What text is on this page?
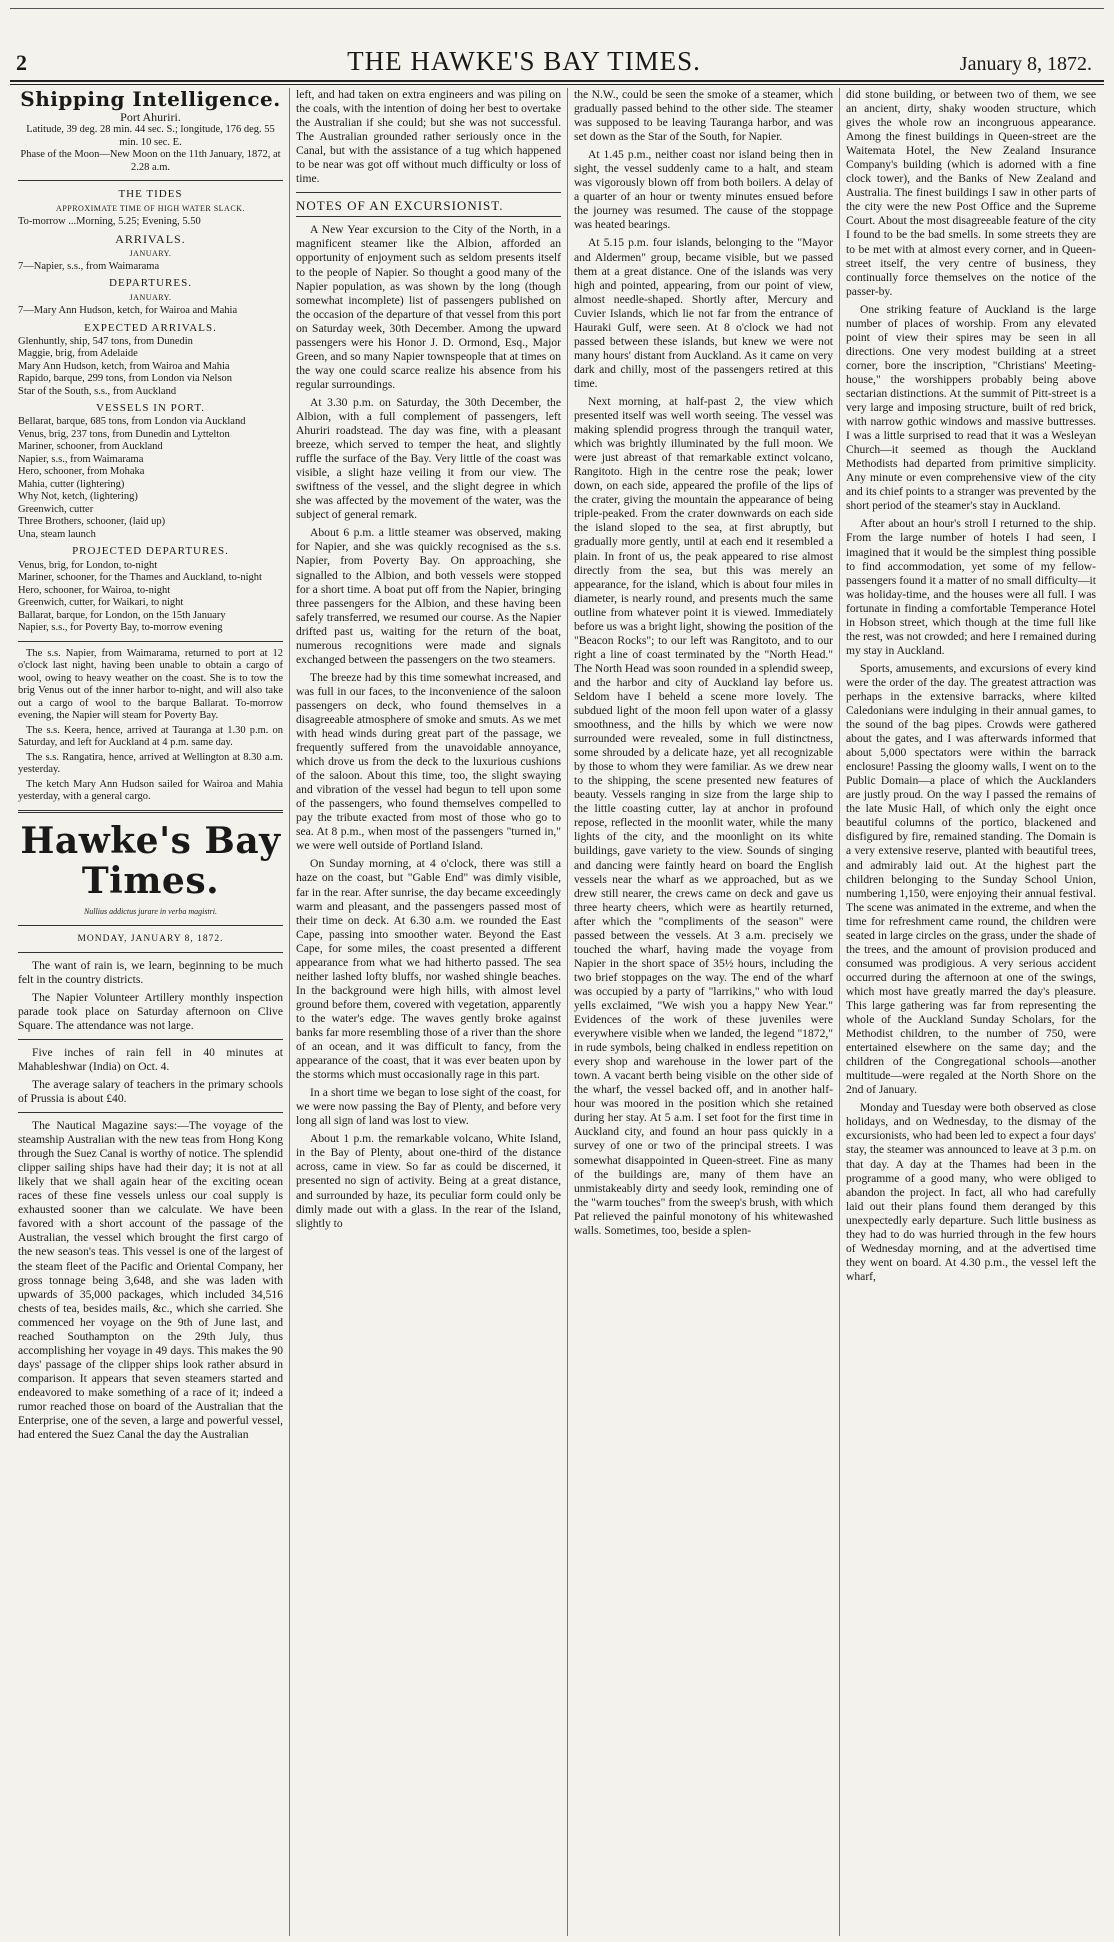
2	THE HAWKE'S BAY TIMES.	January 8, 1872.
Shipping Intelligence.
Port Ahuriri.
Latitude, 39 deg. 28 min. 44 sec. S.; longitude, 176 deg. 55 min. 10 sec. E.
Phase of the Moon—New Moon on the 11th January, 1872, at 2.28 a.m.
THE TIDES
APPROXIMATE TIME OF HIGH WATER SLACK.
To-morrow ...Morning, 5.25; Evening, 5.50
ARRIVALS.
JANUARY.
7—Napier, s.s., from Waimarama
DEPARTURES.
JANUARY.
7—Mary Ann Hudson, ketch, for Wairoa and Mahia
EXPECTED ARRIVALS.
Glenhuntly, ship, 547 tons, from Dunedin
Maggie, brig, from Adelaide
Mary Ann Hudson, ketch, from Wairoa and Mahia
Rapido, barque, 299 tons, from London via Nelson
Star of the South, s.s., from Auckland
VESSELS IN PORT.
Bellarat, barque, 685 tons, from London via Auckland
Venus, brig, 237 tons, from Dunedin and Lyttelton
Mariner, schooner, from Auckland
Napier, s.s., from Waimarama
Hero, schooner, from Mohaka
Mahia, cutter (lightering)
Why Not, ketch, (lightering)
Greenwich, cutter
Three Brothers, schooner, (laid up)
Una, steam launch
PROJECTED DEPARTURES.
Venus, brig, for London, to-night
Mariner, schooner, for the Thames and Auckland, to-night
Hero, schooner, for Wairoa, to-night
Greenwich, cutter, for Waikari, to night
Ballarat, barque, for London, on the 15th January
Napier, s.s., for Poverty Bay, to-morrow evening
The s.s. Napier, from Waimarama, returned to port at 12 o'clock last night, having been unable to obtain a cargo of wool, owing to heavy weather on the coast. She is to tow the brig Venus out of the inner harbor to-night, and will also take out a cargo of wool to the barque Ballarat. To-morrow evening, the Napier will steam for Poverty Bay.
The s.s. Keera, hence, arrived at Tauranga at 1.30 p.m. on Saturday, and left for Auckland at 4 p.m. same day.
The s.s. Rangatira, hence, arrived at Wellington at 8.30 a.m. yesterday.
The ketch Mary Ann Hudson sailed for Wairoa and Mahia yesterday, with a general cargo.
Hawke's Bay Times.
Nullius addictus jurare in verba magistri.
MONDAY, JANUARY 8, 1872.

The want of rain is, we learn, beginning to be much felt in the country districts.

The Napier Volunteer Artillery monthly inspection parade took place on Saturday afternoon on Clive Square. The attendance was not large.

Five inches of rain fell in 40 minutes at Mahableshwar (India) on Oct. 4.

The average salary of teachers in the primary schools of Prussia is about £40.

The Nautical Magazine says:—The voyage of the steamship Australian with the new teas from Hong Kong through the Suez Canal is worthy of notice. The splendid clipper sailing ships have had their day; it is not at all likely that we shall again hear of the exciting ocean races of these fine vessels unless our coal supply is exhausted sooner than we calculate. We have been favored with a short account of the passage of the Australian, the vessel which brought the first cargo of the new season's teas. This vessel is one of the largest of the steam fleet of the Pacific and Oriental Company, her gross tonnage being 3,648, and she was laden with upwards of 35,000 packages, which included 34,516 chests of tea, besides mails, &c., which she carried. She commenced her voyage on the 9th of June last, and reached Southampton on the 29th July, thus accomplishing her voyage in 49 days. This makes the 90 days' passage of the clipper ships look rather absurd in comparison. It appears that seven steamers started and endeavored to make something of a race of it; indeed a rumor reached those on board of the Australian that the Enterprise, one of the seven, a large and powerful vessel, had entered the Suez Canal the day the Australian

left, and had taken on extra engineers and was piling on the coals, with the intention of doing her best to overtake the Australian if she could; but she was not successful. The Australian grounded rather seriously once in the Canal, but with the assistance of a tug which happened to be near was got off without much difficulty or loss of time.

NOTES OF AN EXCURSIONIST.

A New Year excursion to the City of the North, in a magnificent steamer like the Albion, afforded an opportunity of enjoyment such as seldom presents itself to the people of Napier. So thought a good many of the Napier population, as was shown by the long (though somewhat incomplete) list of passengers published on the occasion of the departure of that vessel from this port on Saturday week, 30th December. Among the upward passengers were his Honor J. D. Ormond, Esq., Major Green, and so many Napier townspeople that at times on the way one could scarce realize his absence from his regular surroundings.

At 3.30 p.m. on Saturday, the 30th December, the Albion, with a full complement of passengers, left Ahuriri roadstead. The day was fine, with a pleasant breeze, which served to temper the heat, and slightly ruffle the surface of the Bay. Very little of the coast was visible, a slight haze veiling it from our view. The swiftness of the vessel, and the slight degree in which she was affected by the movement of the water, was the subject of general remark.

About 6 p.m. a little steamer was observed, making for Napier, and she was quickly recognised as the s.s. Napier, from Poverty Bay. On approaching, she signalled to the Albion, and both vessels were stopped for a short time. A boat put off from the Napier, bringing three passengers for the Albion, and these having been safely transferred, we resumed our course. As the Napier drifted past us, waiting for the return of the boat, numerous recognitions were made and signals exchanged between the passengers on the two steamers.

The breeze had by this time somewhat increased, and was full in our faces, to the inconvenience of the saloon passengers on deck, who found themselves in a disagreeable atmosphere of smoke and smuts. As we met with head winds during great part of the passage, we frequently suffered from the unavoidable annoyance, which drove us from the deck to the luxurious cushions of the saloon. About this time, too, the slight swaying and vibration of the vessel had begun to tell upon some of the passengers, who found themselves compelled to pay the tribute exacted from most of those who go to sea. At 8 p.m., when most of the passengers "turned in," we were well outside of Portland Island.

On Sunday morning, at 4 o'clock, there was still a haze on the coast, but "Gable End" was dimly visible, far in the rear. After sunrise, the day became exceedingly warm and pleasant, and the passengers passed most of their time on deck. At 6.30 a.m. we rounded the East Cape, passing into smoother water. Beyond the East Cape, for some miles, the coast presented a different appearance from what we had hitherto passed. The sea neither lashed lofty bluffs, nor washed shingle beaches. In the background were high hills, with almost level ground before them, covered with vegetation, apparently to the water's edge. The waves gently broke against banks far more resembling those of a river than the shore of an ocean, and it was difficult to fancy, from the appearance of the coast, that it was ever beaten upon by the storms which must occasionally rage in this part.

In a short time we began to lose sight of the coast, for we were now passing the Bay of Plenty, and before very long all sign of land was lost to view.

About 1 p.m. the remarkable volcano, White Island, in the Bay of Plenty, about one-third of the distance across, came in view. So far as could be discerned, it presented no sign of activity. Being at a great distance, and surrounded by haze, its peculiar form could only be dimly made out with a glass. In the rear of the Island, slightly to

the N.W., could be seen the smoke of a steamer, which gradually passed behind to the other side. The steamer was supposed to be leaving Tauranga harbor, and was set down as the Star of the South, for Napier.

At 1.45 p.m., neither coast nor island being then in sight, the vessel suddenly came to a halt, and steam was vigorously blown off from both boilers. A delay of a quarter of an hour or twenty minutes ensued before the journey was resumed. The cause of the stoppage was heated bearings.

At 5.15 p.m. four islands, belonging to the "Mayor and Aldermen" group, became visible, but we passed them at a great distance. One of the islands was very high and pointed, appearing, from our point of view, almost needle-shaped. Shortly after, Mercury and Cuvier Islands, which lie not far from the entrance of Hauraki Gulf, were seen. At 8 o'clock we had not passed between these islands, but knew we were not many hours' distant from Auckland. As it came on very dark and chilly, most of the passengers retired at this time.

Next morning, at half-past 2, the view which presented itself was well worth seeing. The vessel was making splendid progress through the tranquil water, which was brightly illuminated by the full moon. We were just abreast of that remarkable extinct volcano, Rangitoto. High in the centre rose the peak; lower down, on each side, appeared the profile of the lips of the crater, giving the mountain the appearance of being triple-peaked. From the crater downwards on each side the island sloped to the sea, at first abruptly, but gradually more gently, until at each end it resembled a plain. In front of us, the peak appeared to rise almost directly from the sea, but this was merely an appearance, for the island, which is about four miles in diameter, is nearly round, and presents much the same outline from whatever point it is viewed. Immediately before us was a bright light, showing the position of the "Beacon Rocks"; to our left was Rangitoto, and to our right a line of coast terminated by the "North Head." The North Head was soon rounded in a splendid sweep, and the harbor and city of Auckland lay before us. Seldom have I beheld a scene more lovely. The subdued light of the moon fell upon water of a glassy smoothness, and the hills by which we were now surrounded were revealed, some in full distinctness, some shrouded by a delicate haze, yet all recognizable by those to whom they were familiar. As we drew near to the shipping, the scene presented new features of beauty. Vessels ranging in size from the large ship to the little coasting cutter, lay at anchor in profound repose, reflected in the moonlit water, while the many lights of the city, and the moonlight on its white buildings, gave variety to the view. Sounds of singing and dancing were faintly heard on board the English vessels near the wharf as we approached, but as we drew still nearer, the crews came on deck and gave us three hearty cheers, which were as heartily returned, after which the "compliments of the season" were passed between the vessels. At 3 a.m. precisely we touched the wharf, having made the voyage from Napier in the short space of 35½ hours, including the two brief stoppages on the way. The end of the wharf was occupied by a party of "larrikins," who with loud yells exclaimed, "We wish you a happy New Year." Evidences of the work of these juveniles were everywhere visible when we landed, the legend "1872," in rude symbols, being chalked in endless repetition on every shop and warehouse in the lower part of the town. A vacant berth being visible on the other side of the wharf, the vessel backed off, and in another half-hour was moored in the position which she retained during her stay. At 5 a.m. I set foot for the first time in Auckland city, and found an hour pass quickly in a survey of one or two of the principal streets. I was somewhat disappointed in Queen-street. Fine as many of the buildings are, many of them have an unmistakeably dirty and seedy look, reminding one of the "warm touches" from the sweep's brush, with which Pat relieved the painful monotony of his whitewashed walls. Sometimes, too, beside a splen-

did stone building, or between two of them, we see an ancient, dirty, shaky wooden structure, which gives the whole row an incongruous appearance. Among the finest buildings in Queen-street are the Waitemata Hotel, the New Zealand Insurance Company's building (which is adorned with a fine clock tower), and the Banks of New Zealand and Australia. The finest buildings I saw in other parts of the city were the new Post Office and the Supreme Court. About the most disagreeable feature of the city I found to be the bad smells. In some streets they are to be met with at almost every corner, and in Queen-street itself, the very centre of business, they continually force themselves on the notice of the passer-by.

One striking feature of Auckland is the large number of places of worship. From any elevated point of view their spires may be seen in all directions. One very modest building at a street corner, bore the inscription, "Christians' Meeting-house," the worshippers probably being above sectarian distinctions. At the summit of Pitt-street is a very large and imposing structure, built of red brick, with narrow gothic windows and massive buttresses. I was a little surprised to read that it was a Wesleyan Church—it seemed as though the Auckland Methodists had departed from primitive simplicity. Any minute or even comprehensive view of the city and its chief points to a stranger was prevented by the short period of the steamer's stay in Auckland.

After about an hour's stroll I returned to the ship. From the large number of hotels I had seen, I imagined that it would be the simplest thing possible to find accommodation, yet some of my fellow-passengers found it a matter of no small difficulty—it was holiday-time, and the houses were all full. I was fortunate in finding a comfortable Temperance Hotel in Hobson street, which though at the time full like the rest, was not crowded; and here I remained during my stay in Auckland.

Sports, amusements, and excursions of every kind were the order of the day. The greatest attraction was perhaps in the extensive barracks, where kilted Caledonians were indulging in their annual games, to the sound of the bag pipes. Crowds were gathered about the gates, and I was afterwards informed that about 5,000 spectators were within the barrack enclosure! Passing the gloomy walls, I went on to the Public Domain—a place of which the Aucklanders are justly proud. On the way I passed the remains of the late Music Hall, of which only the eight once beautiful columns of the portico, blackened and disfigured by fire, remained standing. The Domain is a very extensive reserve, planted with beautiful trees, and admirably laid out. At the highest part the children belonging to the Sunday School Union, numbering 1,150, were enjoying their annual festival. The scene was animated in the extreme, and when the time for refreshment came round, the children were seated in large circles on the grass, under the shade of the trees, and the amount of provision produced and consumed was prodigious. A very serious accident occurred during the afternoon at one of the swings, which most have greatly marred the day's pleasure. This large gathering was far from representing the whole of the Auckland Sunday Scholars, for the Methodist children, to the number of 750, were entertained elsewhere on the same day; and the children of the Congregational schools—another multitude—were regaled at the North Shore on the 2nd of January.

Monday and Tuesday were both observed as close holidays, and on Wednesday, to the dismay of the excursionists, who had been led to expect a four days' stay, the steamer was announced to leave at 3 p.m. on that day. A day at the Thames had been in the programme of a good many, who were obliged to abandon the project. In fact, all who had carefully laid out their plans found them deranged by this unexpectedly early departure. Such little business as they had to do was hurried through in the few hours of Wednesday morning, and at the advertised time they went on board. At 4.30 p.m., the vessel left the wharf,
